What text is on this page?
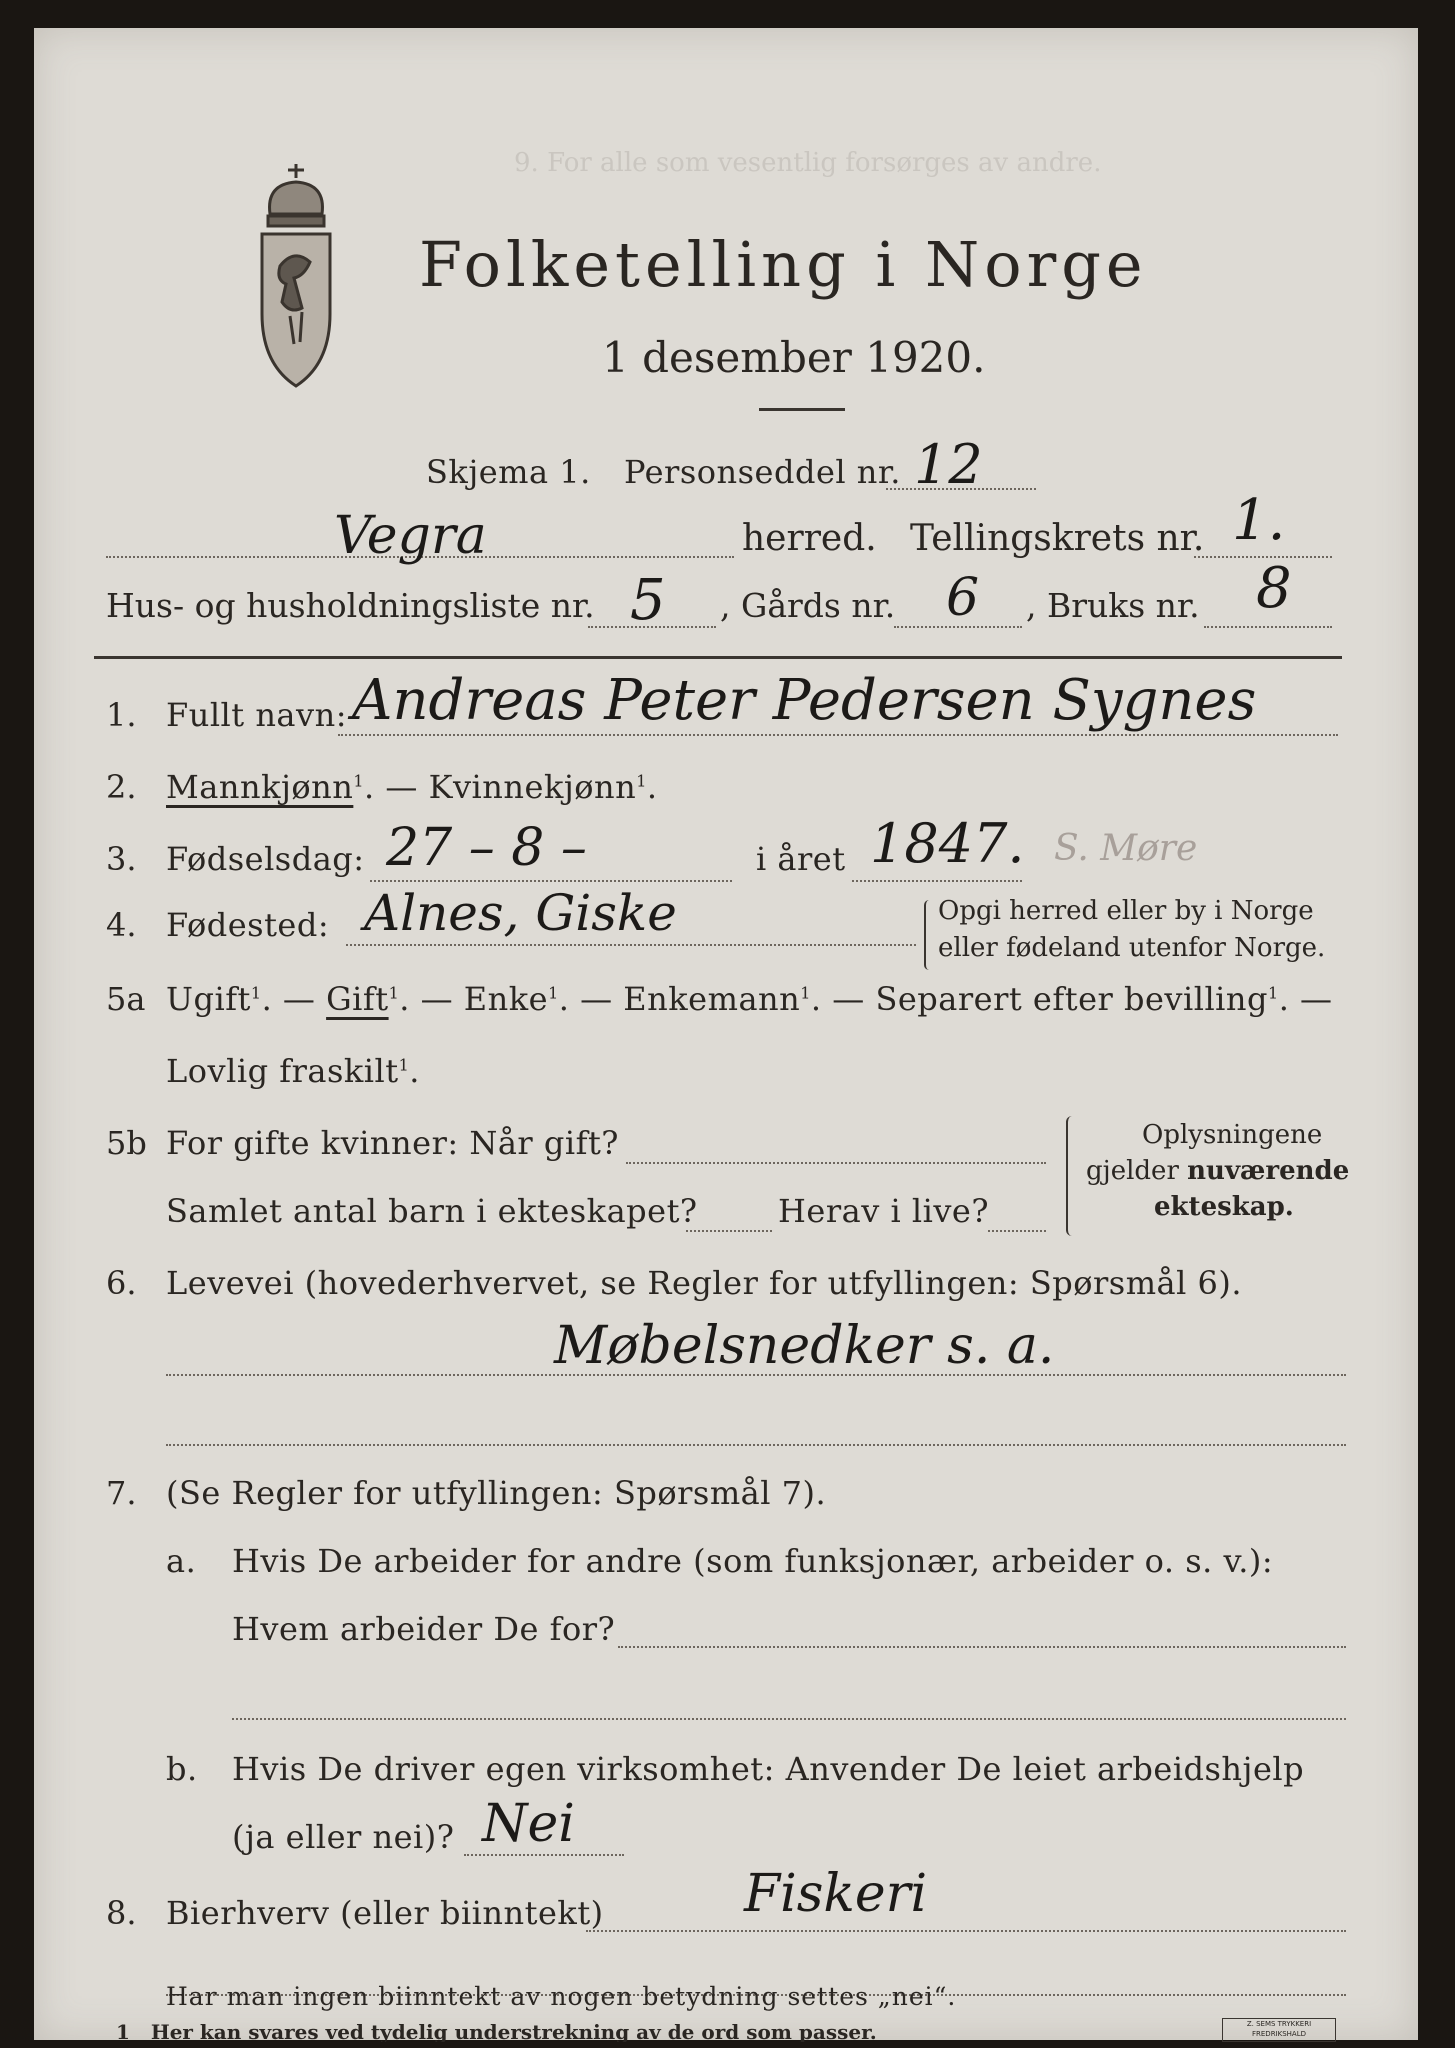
Folketelling i Norge
1 desember 1920.
9. For alle som vesentlig forsørges av andre.
Skjema 1. Personseddel nr. 12
Vegra	herred. Tellingskrets nr. 1.
Hus- og husholdningsliste nr. 5 , Gårds nr. 6 , Bruks nr. 8
1. Fullt navn: Andreas Peter Pedersen Sygnes
2. Mannkjønn$^1$. — Kvinnekjønn$^1$.
3. Fødselsdag: 27 – 8 –	i året 1847. S. Møre
4. Fødested: Alnes, Giske	Opgi herred eller by i Norge
eller fødeland utenfor Norge.
5a Ugift$^1$. — Gift$^1$. — Enke$^1$. — Enkemann$^1$. — Separert efter bevilling$^1$. —
Lovlig fraskilt$^1$.
5b For gifte kvinner: Når gift?
Samlet antal barn i ekteskapet?	Herav i live?
Oplysningene
gjelder nuværende
ekteskap.
6. Levevei (hovederhvervet, se Regler for utfyllingen: Spørsmål 6).
Møbelsnedker s. a.
7. (Se Regler for utfyllingen: Spørsmål 7).
a. Hvis De arbeider for andre (som funksjonær, arbeider o. s. v.):
Hvem arbeider De for?
b. Hvis De driver egen virksomhet: Anvender De leiet arbeidshjelp
(ja eller nei)? Nei
8. Bierhverv (eller biinntekt)	Fiskeri
Har man ingen biinntekt av nogen betydning settes „nei“.
1 Her kan svares ved tydelig understrekning av de ord som passer.	Z. SEMS TRYKKERI FREDRIKSHALD
